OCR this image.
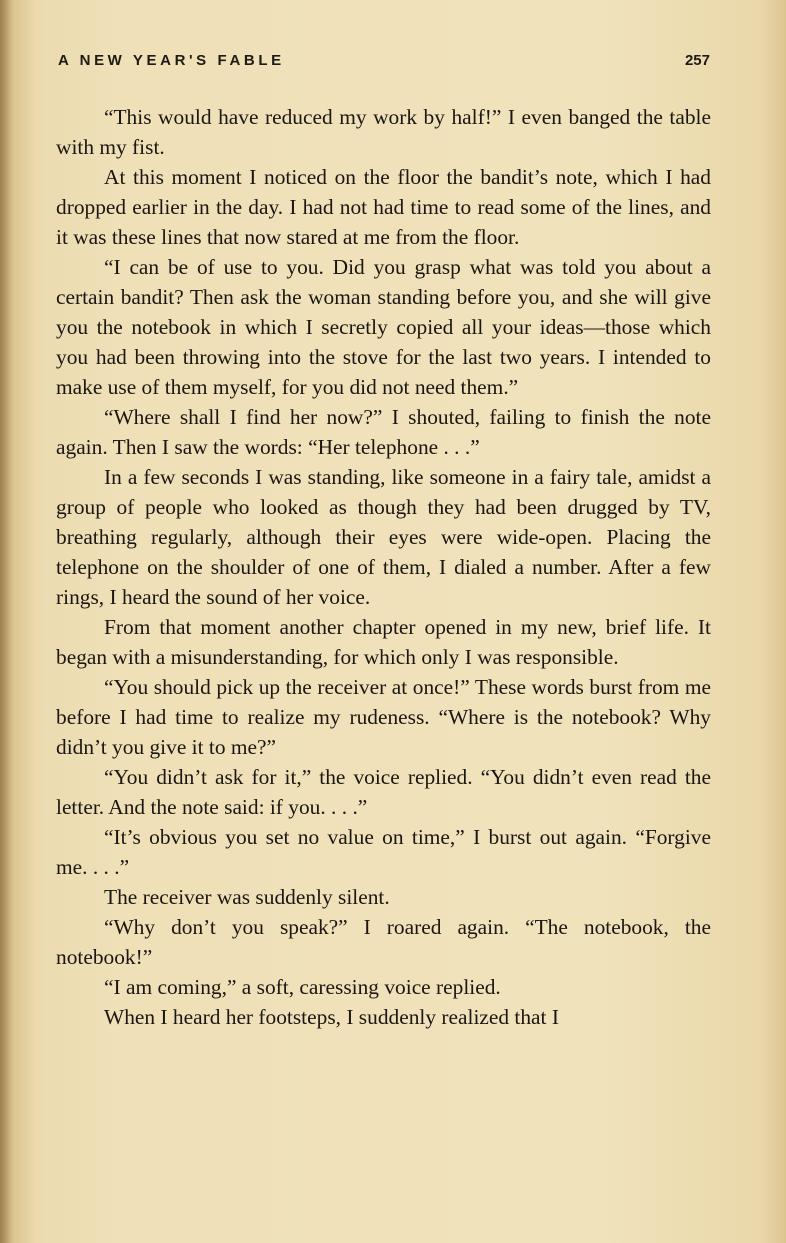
A NEW YEAR'S FABLE	257

“This would have reduced my work by half!” I even banged the table with my fist.

At this moment I noticed on the floor the bandit’s note, which I had dropped earlier in the day. I had not had time to read some of the lines, and it was these lines that now stared at me from the floor.

“I can be of use to you. Did you grasp what was told you about a certain bandit? Then ask the woman standing before you, and she will give you the notebook in which I secretly copied all your ideas—those which you had been throwing into the stove for the last two years. I intended to make use of them myself, for you did not need them.”

“Where shall I find her now?” I shouted, failing to finish the note again. Then I saw the words: “Her telephone . . .”

In a few seconds I was standing, like someone in a fairy tale, amidst a group of people who looked as though they had been drugged by TV, breathing regularly, although their eyes were wide-open. Placing the telephone on the shoulder of one of them, I dialed a number. After a few rings, I heard the sound of her voice.

From that moment another chapter opened in my new, brief life. It began with a misunderstanding, for which only I was responsible.

“You should pick up the receiver at once!” These words burst from me before I had time to realize my rudeness. “Where is the notebook? Why didn’t you give it to me?”

“You didn’t ask for it,” the voice replied. “You didn’t even read the letter. And the note said: if you. . . .”

“It’s obvious you set no value on time,” I burst out again. “Forgive me. . . .”

The receiver was suddenly silent.

“Why don’t you speak?” I roared again. “The notebook, the notebook!”

“I am coming,” a soft, caressing voice replied.

When I heard her footsteps, I suddenly realized that I
